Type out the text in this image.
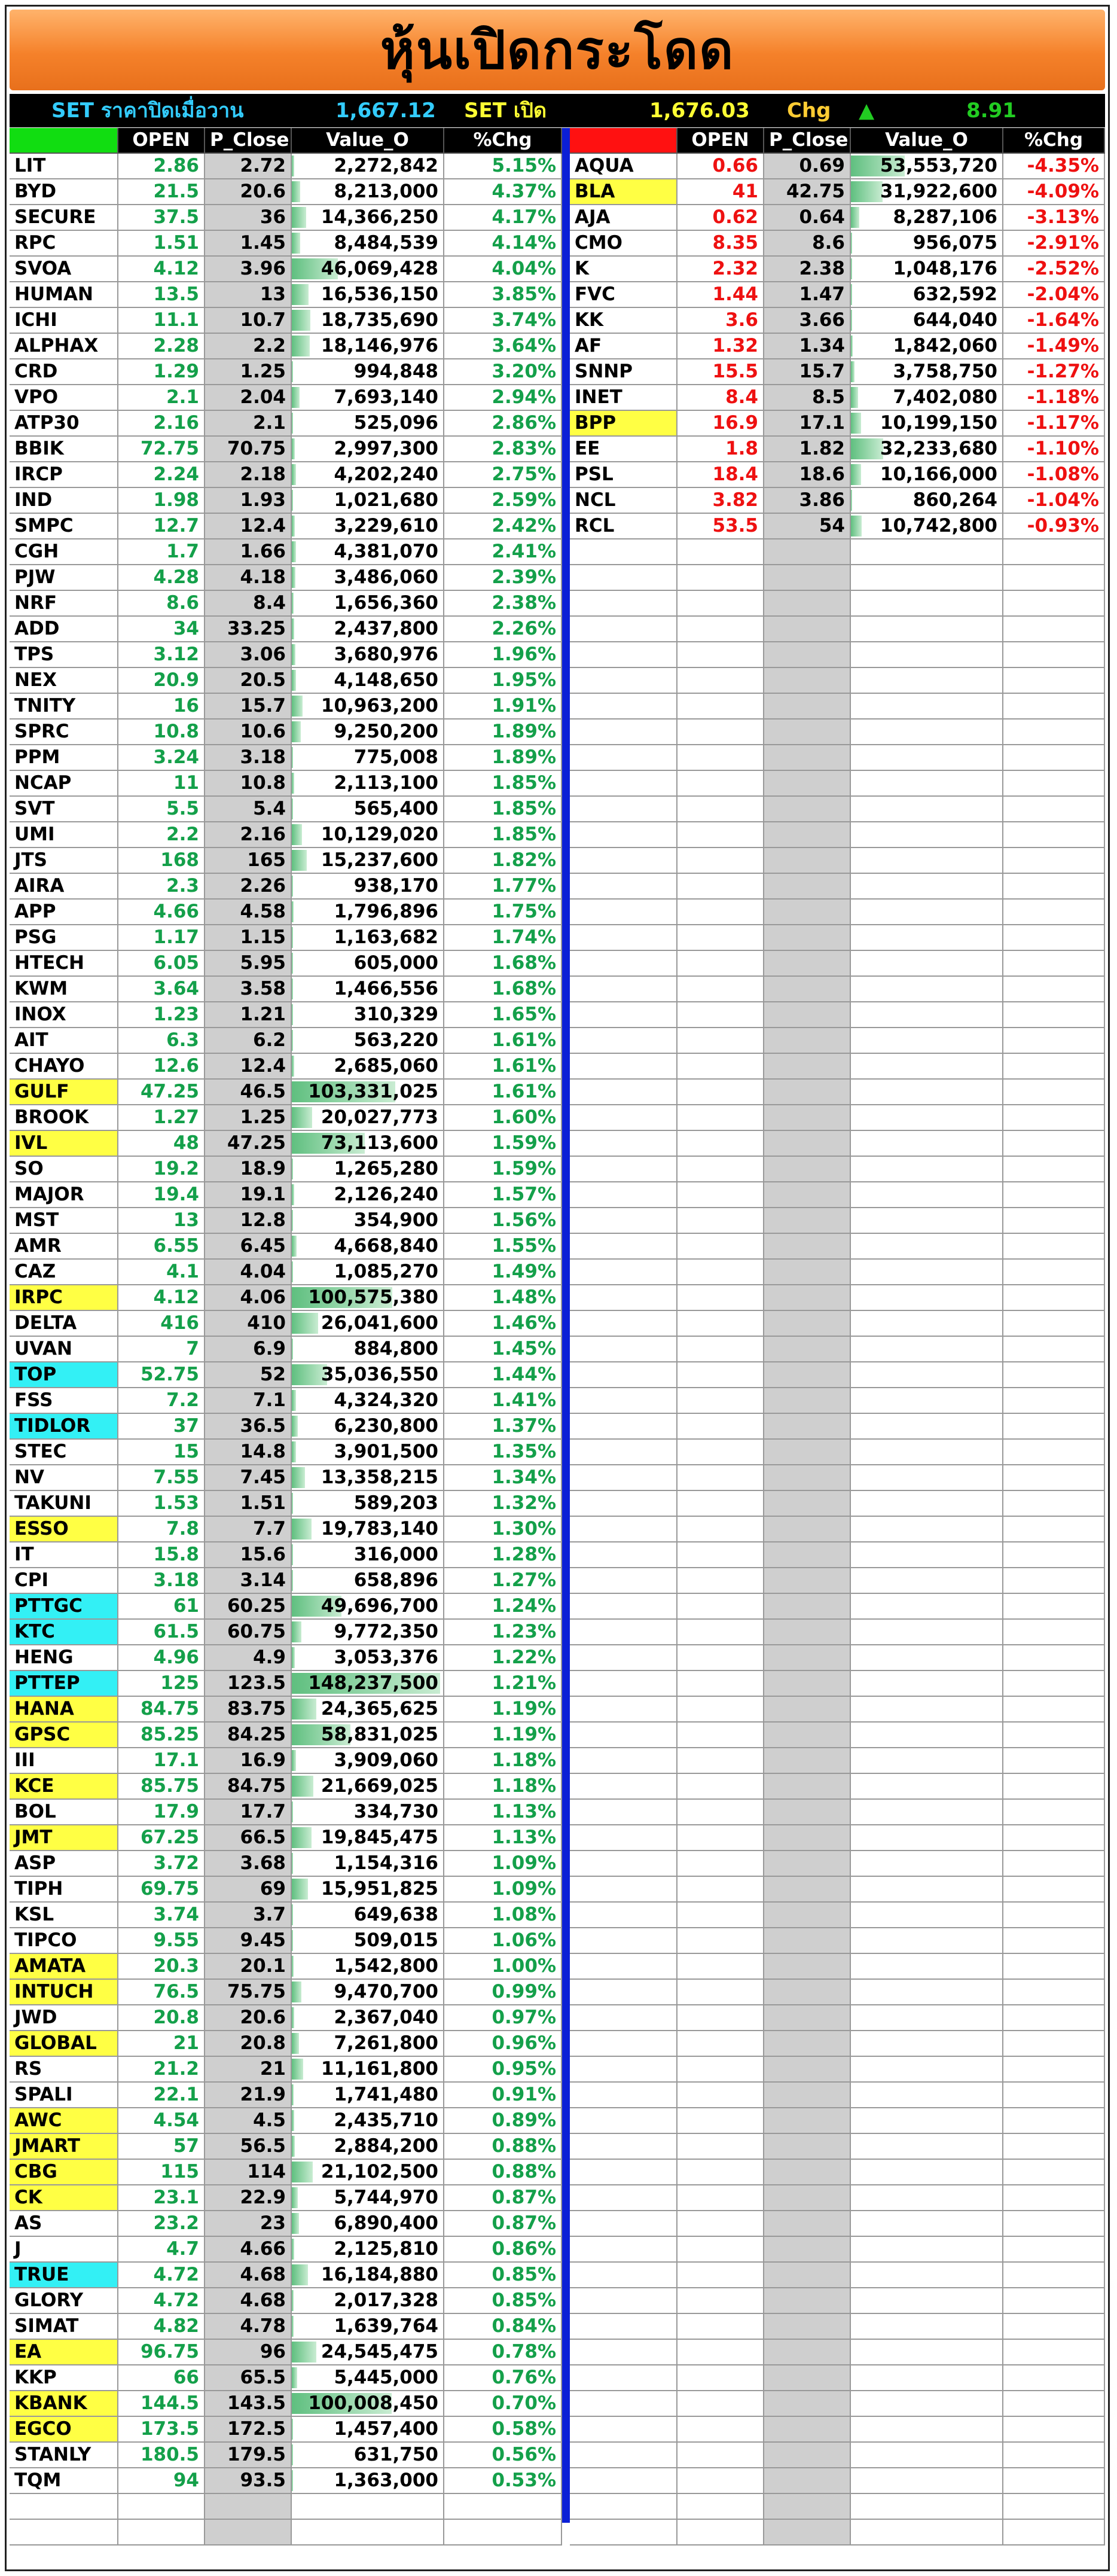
หุ้นเปิดกระโดด
SET ราคาปิดเมื่อวาน	1,667.12 SET เปิด	1,676.03 Chg ▲	8.91
OPEN	P_Close	Value_O	%Chg	OPEN	P_Close	Value_O	%Chg
LIT	2.86	2.72	2,272,842	5.15%
BYD	21.5	20.6	8,213,000	4.37%
SECURE	37.5	36	14,366,250	4.17%
RPC	1.51	1.45	8,484,539	4.14%
SVOA	4.12	3.96	46,069,428	4.04%
HUMAN	13.5	13	16,536,150	3.85%
ICHI	11.1	10.7	18,735,690	3.74%
ALPHAX	2.28	2.2	18,146,976	3.64%
CRD	1.29	1.25	994,848	3.20%
VPO	2.1	2.04	7,693,140	2.94%
ATP30	2.16	2.1	525,096	2.86%
BBIK	72.75	70.75	2,997,300	2.83%
IRCP	2.24	2.18	4,202,240	2.75%
IND	1.98	1.93	1,021,680	2.59%
SMPC	12.7	12.4	3,229,610	2.42%
CGH	1.7	1.66	4,381,070	2.41%
PJW	4.28	4.18	3,486,060	2.39%
NRF	8.6	8.4	1,656,360	2.38%
ADD	34	33.25	2,437,800	2.26%
TPS	3.12	3.06	3,680,976	1.96%
NEX	20.9	20.5	4,148,650	1.95%
TNITY	16	15.7	10,963,200	1.91%
SPRC	10.8	10.6	9,250,200	1.89%
PPM	3.24	3.18	775,008	1.89%
NCAP	11	10.8	2,113,100	1.85%
SVT	5.5	5.4	565,400	1.85%
UMI	2.2	2.16	10,129,020	1.85%
JTS	168	165	15,237,600	1.82%
AIRA	2.3	2.26	938,170	1.77%
APP	4.66	4.58	1,796,896	1.75%
PSG	1.17	1.15	1,163,682	1.74%
HTECH	6.05	5.95	605,000	1.68%
KWM	3.64	3.58	1,466,556	1.68%
INOX	1.23	1.21	310,329	1.65%
AIT	6.3	6.2	563,220	1.61%
CHAYO	12.6	12.4	2,685,060	1.61%
GULF	47.25	46.5	103,331,025	1.61%
BROOK	1.27	1.25	20,027,773	1.60%
IVL	48	47.25	73,113,600	1.59%
SO	19.2	18.9	1,265,280	1.59%
MAJOR	19.4	19.1	2,126,240	1.57%
MST	13	12.8	354,900	1.56%
AMR	6.55	6.45	4,668,840	1.55%
CAZ	4.1	4.04	1,085,270	1.49%
IRPC	4.12	4.06	100,575,380	1.48%
DELTA	416	410	26,041,600	1.46%
UVAN	7	6.9	884,800	1.45%
TOP	52.75	52	35,036,550	1.44%
FSS	7.2	7.1	4,324,320	1.41%
TIDLOR	37	36.5	6,230,800	1.37%
STEC	15	14.8	3,901,500	1.35%
NV	7.55	7.45	13,358,215	1.34%
TAKUNI	1.53	1.51	589,203	1.32%
ESSO	7.8	7.7	19,783,140	1.30%
IT	15.8	15.6	316,000	1.28%
CPI	3.18	3.14	658,896	1.27%
PTTGC	61	60.25	49,696,700	1.24%
KTC	61.5	60.75	9,772,350	1.23%
HENG	4.96	4.9	3,053,376	1.22%
PTTEP	125	123.5	148,237,500	1.21%
HANA	84.75	83.75	24,365,625	1.19%
GPSC	85.25	84.25	58,831,025	1.19%
III	17.1	16.9	3,909,060	1.18%
KCE	85.75	84.75	21,669,025	1.18%
BOL	17.9	17.7	334,730	1.13%
JMT	67.25	66.5	19,845,475	1.13%
ASP	3.72	3.68	1,154,316	1.09%
TIPH	69.75	69	15,951,825	1.09%
KSL	3.74	3.7	649,638	1.08%
TIPCO	9.55	9.45	509,015	1.06%
AMATA	20.3	20.1	1,542,800	1.00%
INTUCH	76.5	75.75	9,470,700	0.99%
JWD	20.8	20.6	2,367,040	0.97%
GLOBAL	21	20.8	7,261,800	0.96%
RS	21.2	21	11,161,800	0.95%
SPALI	22.1	21.9	1,741,480	0.91%
AWC	4.54	4.5	2,435,710	0.89%
JMART	57	56.5	2,884,200	0.88%
CBG	115	114	21,102,500	0.88%
CK	23.1	22.9	5,744,970	0.87%
AS	23.2	23	6,890,400	0.87%
J	4.7	4.66	2,125,810	0.86%
TRUE	4.72	4.68	16,184,880	0.85%
GLORY	4.72	4.68	2,017,328	0.85%
SIMAT	4.82	4.78	1,639,764	0.84%
EA	96.75	96	24,545,475	0.78%
KKP	66	65.5	5,445,000	0.76%
KBANK	144.5	143.5	100,008,450	0.70%
EGCO	173.5	172.5	1,457,400	0.58%
STANLY	180.5	179.5	631,750	0.56%
TQM	94	93.5	1,363,000	0.53%
AQUA	0.66	0.69	53,553,720	-4.35%
BLA	41	42.75	31,922,600	-4.09%
AJA	0.62	0.64	8,287,106	-3.13%
CMO	8.35	8.6	956,075	-2.91%
K	2.32	2.38	1,048,176	-2.52%
FVC	1.44	1.47	632,592	-2.04%
KK	3.6	3.66	644,040	-1.64%
AF	1.32	1.34	1,842,060	-1.49%
SNNP	15.5	15.7	3,758,750	-1.27%
INET	8.4	8.5	7,402,080	-1.18%
BPP	16.9	17.1	10,199,150	-1.17%
EE	1.8	1.82	32,233,680	-1.10%
PSL	18.4	18.6	10,166,000	-1.08%
NCL	3.82	3.86	860,264	-1.04%
RCL	53.5	54	10,742,800	-0.93%
